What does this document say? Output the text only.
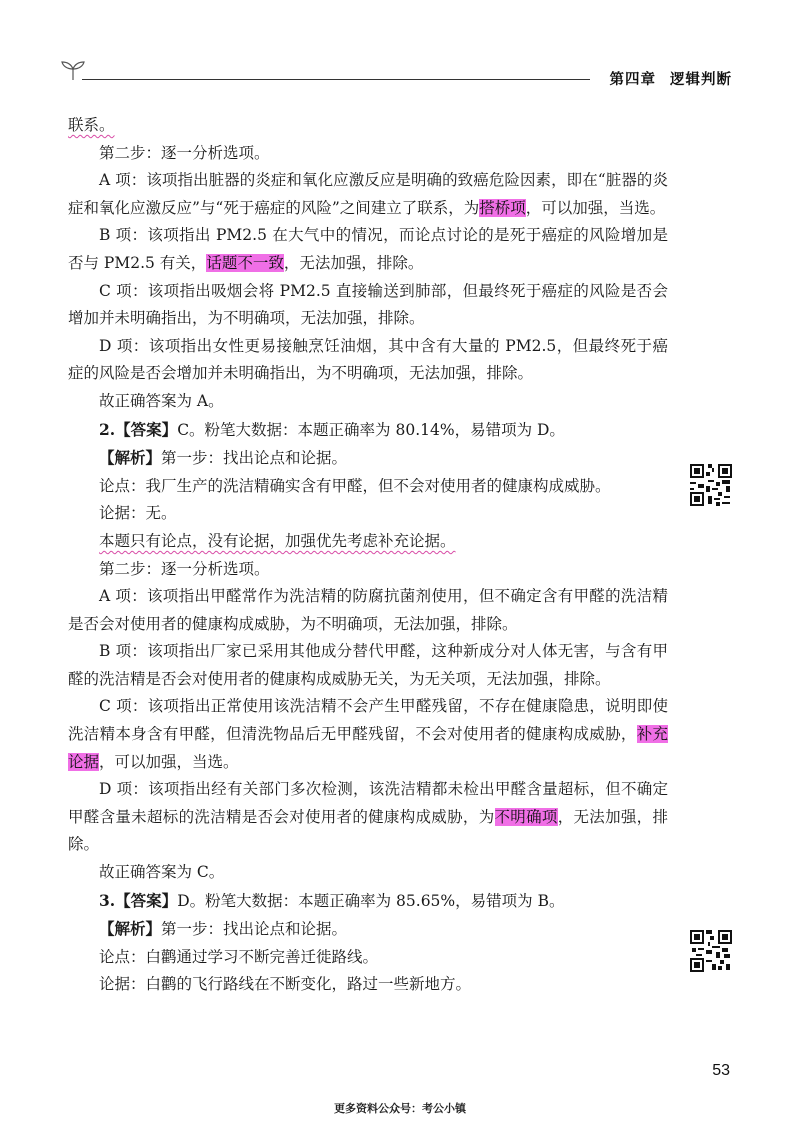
第四章 逻辑判断

联系。

第二步：逐一分析选项。

A 项：该项指出脏器的炎症和氧化应激反应是明确的致癌危险因素，即在“脏器的炎症和氧化应激反应”与“死于癌症的风险”之间建立了联系，为搭桥项，可以加强，当选。

B 项：该项指出 PM2.5 在大气中的情况，而论点讨论的是死于癌症的风险增加是否与 PM2.5 有关，话题不一致，无法加强，排除。

C 项：该项指出吸烟会将 PM2.5 直接输送到肺部，但最终死于癌症的风险是否会增加并未明确指出，为不明确项，无法加强，排除。

D 项：该项指出女性更易接触烹饪油烟，其中含有大量的 PM2.5，但最终死于癌症的风险是否会增加并未明确指出，为不明确项，无法加强，排除。

故正确答案为 A。

2.【答案】C。粉笔大数据：本题正确率为 80.14%，易错项为 D。

【解析】第一步：找出论点和论据。

论点：我厂生产的洗洁精确实含有甲醛，但不会对使用者的健康构成威胁。

论据：无。

本题只有论点，没有论据，加强优先考虑补充论据。

第二步：逐一分析选项。

A 项：该项指出甲醛常作为洗洁精的防腐抗菌剂使用，但不确定含有甲醛的洗洁精是否会对使用者的健康构成威胁，为不明确项，无法加强，排除。

B 项：该项指出厂家已采用其他成分替代甲醛，这种新成分对人体无害，与含有甲醛的洗洁精是否会对使用者的健康构成威胁无关，为无关项，无法加强，排除。

C 项：该项指出正常使用该洗洁精不会产生甲醛残留，不存在健康隐患，说明即使洗洁精本身含有甲醛，但清洗物品后无甲醛残留，不会对使用者的健康构成威胁，补充论据，可以加强，当选。

D 项：该项指出经有关部门多次检测，该洗洁精都未检出甲醛含量超标，但不确定甲醛含量未超标的洗洁精是否会对使用者的健康构成威胁，为不明确项，无法加强，排除。

故正确答案为 C。

3.【答案】D。粉笔大数据：本题正确率为 85.65%，易错项为 B。

【解析】第一步：找出论点和论据。

论点：白鹳通过学习不断完善迁徙路线。

论据：白鹳的飞行路线在不断变化，路过一些新地方。

53
更多资料公众号：考公小镇
